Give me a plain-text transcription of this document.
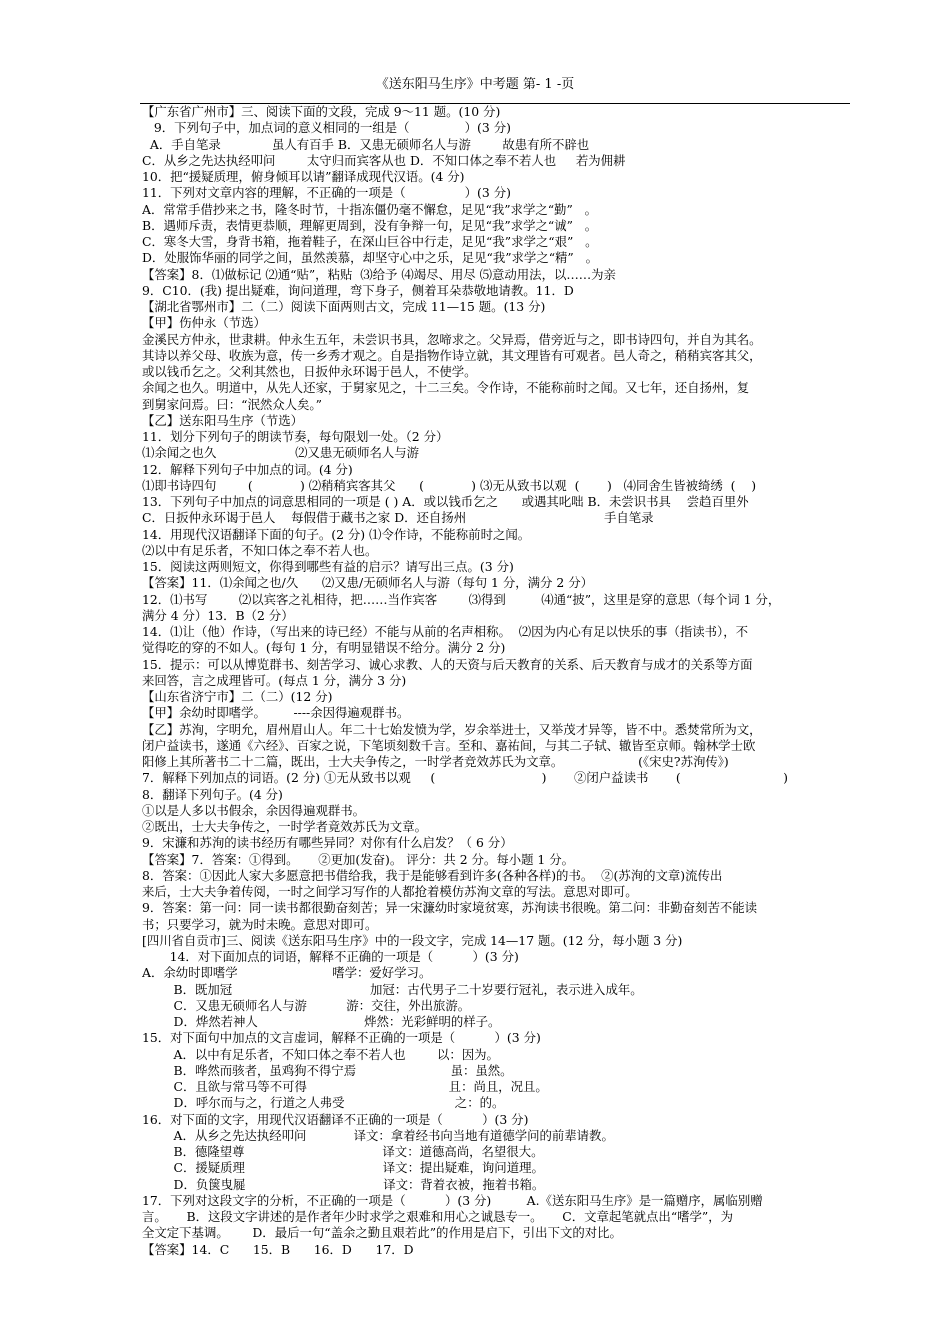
《送东阳马生序》中考题 第- 1 -页
【广东省广州市】三、阅读下面的文段，完成 9～11 题。(10 分)
9．下列句子中，加点词的意义相同的一组是（              ）(3 分)
A．手自笔录             虽人有百手 B．又患无硕师名人与游        故患有所不辟也
C．从乡之先达执经叩问        太守归而宾客从也 D．不知口体之奉不若人也     若为佣耕
10．把“援疑质理，俯身倾耳以请”翻译成现代汉语。(4 分)
11．下列对文章内容的理解，不正确的一项是（               ）(3 分)
A．常常手借抄来之书，隆冬时节，十指冻僵仍毫不懈怠，足见“我”求学之“勤”   。
B．遇师斥责，表情更恭顺，理解更周到，没有争辩一句，足见“我”求学之“诚”   。
C．寒冬大雪，身背书箱，拖着鞋子，在深山巨谷中行走，足见“我”求学之“艰”   。
D．处服饰华丽的同学之间，虽然羡慕，却坚守心中之乐，足见“我”求学之“精”   。
【答案】8．⑴做标记 ⑵通“贴”，粘贴  ⑶给予 ⑷竭尽、用尽 ⑸意动用法，以……为亲
9．C10．(我) 提出疑难，询问道理，弯下身子，侧着耳朵恭敬地请教。11．D
【湖北省鄂州市】二（二）阅读下面两则古文，完成 11—15 题。(13 分)
【甲】伤仲永（节选）
金溪民方仲永，世隶耕。仲永生五年，未尝识书具，忽啼求之。父异焉，借旁近与之，即书诗四句，并自为其名。
其诗以养父母、收族为意，传一乡秀才观之。自是指物作诗立就，其文理皆有可观者。邑人奇之，稍稍宾客其父，
或以钱币乞之。父利其然也，日扳仲永环谒于邑人，不使学。
余闻之也久。明道中，从先人还家，于舅家见之，十二三矣。令作诗，不能称前时之闻。又七年，还自扬州，复
到舅家问焉。曰：“泯然众人矣。”
【乙】送东阳马生序（节选）
11．划分下列句子的朗读节奏，每句限划一处。（2 分）
⑴余闻之也久                    ⑵又患无硕师名人与游
12．解释下列句子中加点的词。(4 分)
⑴即书诗四句        (            ) ⑵稍稍宾客其父      (            ) ⑶无从致书以观  (       )   ⑷同舍生皆被绮绣  (    )
13．下列句子中加点的词意思相同的一项是 ( ) A．或以钱币乞之      或遇其叱咄 B．未尝识书具    尝趋百里外
C．日扳仲永环谒于邑人    每假借于藏书之家 D．还自扬州                                   手自笔录
14．用现代汉语翻译下面的句子。(2 分) ⑴令作诗，不能称前时之闻。
⑵以中有足乐者，不知口体之奉不若人也。
15．阅读这两则短文，你得到哪些有益的启示？请写出三点。(3 分)
【答案】11．⑴余闻之也/久      ⑵又患/无硕师名人与游（每句 1 分，满分 2 分）
12．⑴书写        ⑵以宾客之礼相待，把……当作宾客        ⑶得到         ⑷通“披”，这里是穿的意思（每个词 1 分，
满分 4 分）13．B（2 分）
14．⑴让（他）作诗，（写出来的诗已经）不能与从前的名声相称。  ⑵因为内心有足以快乐的事（指读书），不
觉得吃的穿的不如人。(每句 1 分，有明显错误不给分。满分 2 分)
15．提示：可以从博览群书、刻苦学习、诚心求教、人的天资与后天教育的关系、后天教育与成才的关系等方面
来回答，言之成理皆可。(每点 1 分，满分 3 分)
【山东省济宁市】二（二）(12 分)
【甲】余幼时即嗜学。       ----余因得遍观群书。
【乙】苏洵，字明允，眉州眉山人。年二十七始发愤为学，岁余举进士，又举茂才异等，皆不中。悉焚常所为文，
闭户益读书，遂通《六经》、百家之说，下笔顷刻数千言。至和、嘉祐间，与其二子轼、辙皆至京师。翰林学士欧
阳修上其所著书二十二篇，既出，士大夫争传之，一时学者竞效苏氏为文章。                   (《宋史?苏洵传》)
7．解释下列加点的词语。(2 分) ①无从致书以观     (                           )       ②闭户益读书       (                          )
8．翻译下列句子。(4 分)
①以是人多以书假余，余因得遍观群书。
②既出，士大夫争传之，一时学者竟效苏氏为文章。
9．宋濂和苏洵的读书经历有哪些异同？对你有什么启发？（ 6 分）
【答案】7．答案：①得到。     ②更加(发奋)。 评分：共 2 分。每小题 1 分。
8．答案：①因此人家大多愿意把书借给我，我于是能够看到许多(各种各样)的书。  ②(苏洵的文章)流传出
来后，士大夫争着传阅，一时之间学习写作的人都抢着模仿苏洵文章的写法。意思对即可。
9．答案：第一问：同一读书都很勤奋刻苦；异一宋濂幼时家境贫寒，苏洵读书很晚。第二问：非勤奋刻苦不能读
书；只要学习，就为时未晚。意思对即可。
[四川省自贡市]三、阅读《送东阳马生序》中的一段文字，完成 14—17 题。(12 分，每小题 3 分)
14．对下面加点的词语，解释不正确的一项是（          ）(3 分)
A．余幼时即嗜学                        嗜学：爱好学习。
B．既加冠                                   加冠：古代男子二十岁要行冠礼，表示进入成年。
C．又患无硕师名人与游          游：交往，外出旅游。
D．烨然若神人                           烨然：光彩鲜明的样子。
15．对下面句中加点的文言虚词，解释不正确的一项是（          ）(3 分)
A．以中有足乐者，不知口体之奉不若人也        以：因为。
B．哗然而骇者，虽鸡狗不得宁焉                        虽：虽然。
C．且欲与常马等不可得                                    且：尚且，况且。
D．呼尔而与之，行道之人弗受                            之：的。
16．对下面的文字，用现代汉语翻译不正确的一项是（          ）(3 分)
A．从乡之先达执经叩问            译文：拿着经书向当地有道德学问的前辈请教。
B．德隆望尊                                   译文：道德高尚，名望很大。
C．援疑质理                                   译文：提出疑难，询问道理。
D．负箧曳屣                                   译文：背着衣被，拖着书箱。
17．下列对这段文字的分析，不正确的一项是（          ）(3 分)         A.《送东阳马生序》是一篇赠序，属临别赠
言。     B．这段文字讲述的是作者年少时求学之艰难和用心之诚恳专一。     C．文章起笔就点出“嗜学”，为
全文定下基调。      D．最后一句“盖余之勤且艰若此”的作用是启下，引出下文的对比。
【答案】14．C      15．B      16．D      17．D
